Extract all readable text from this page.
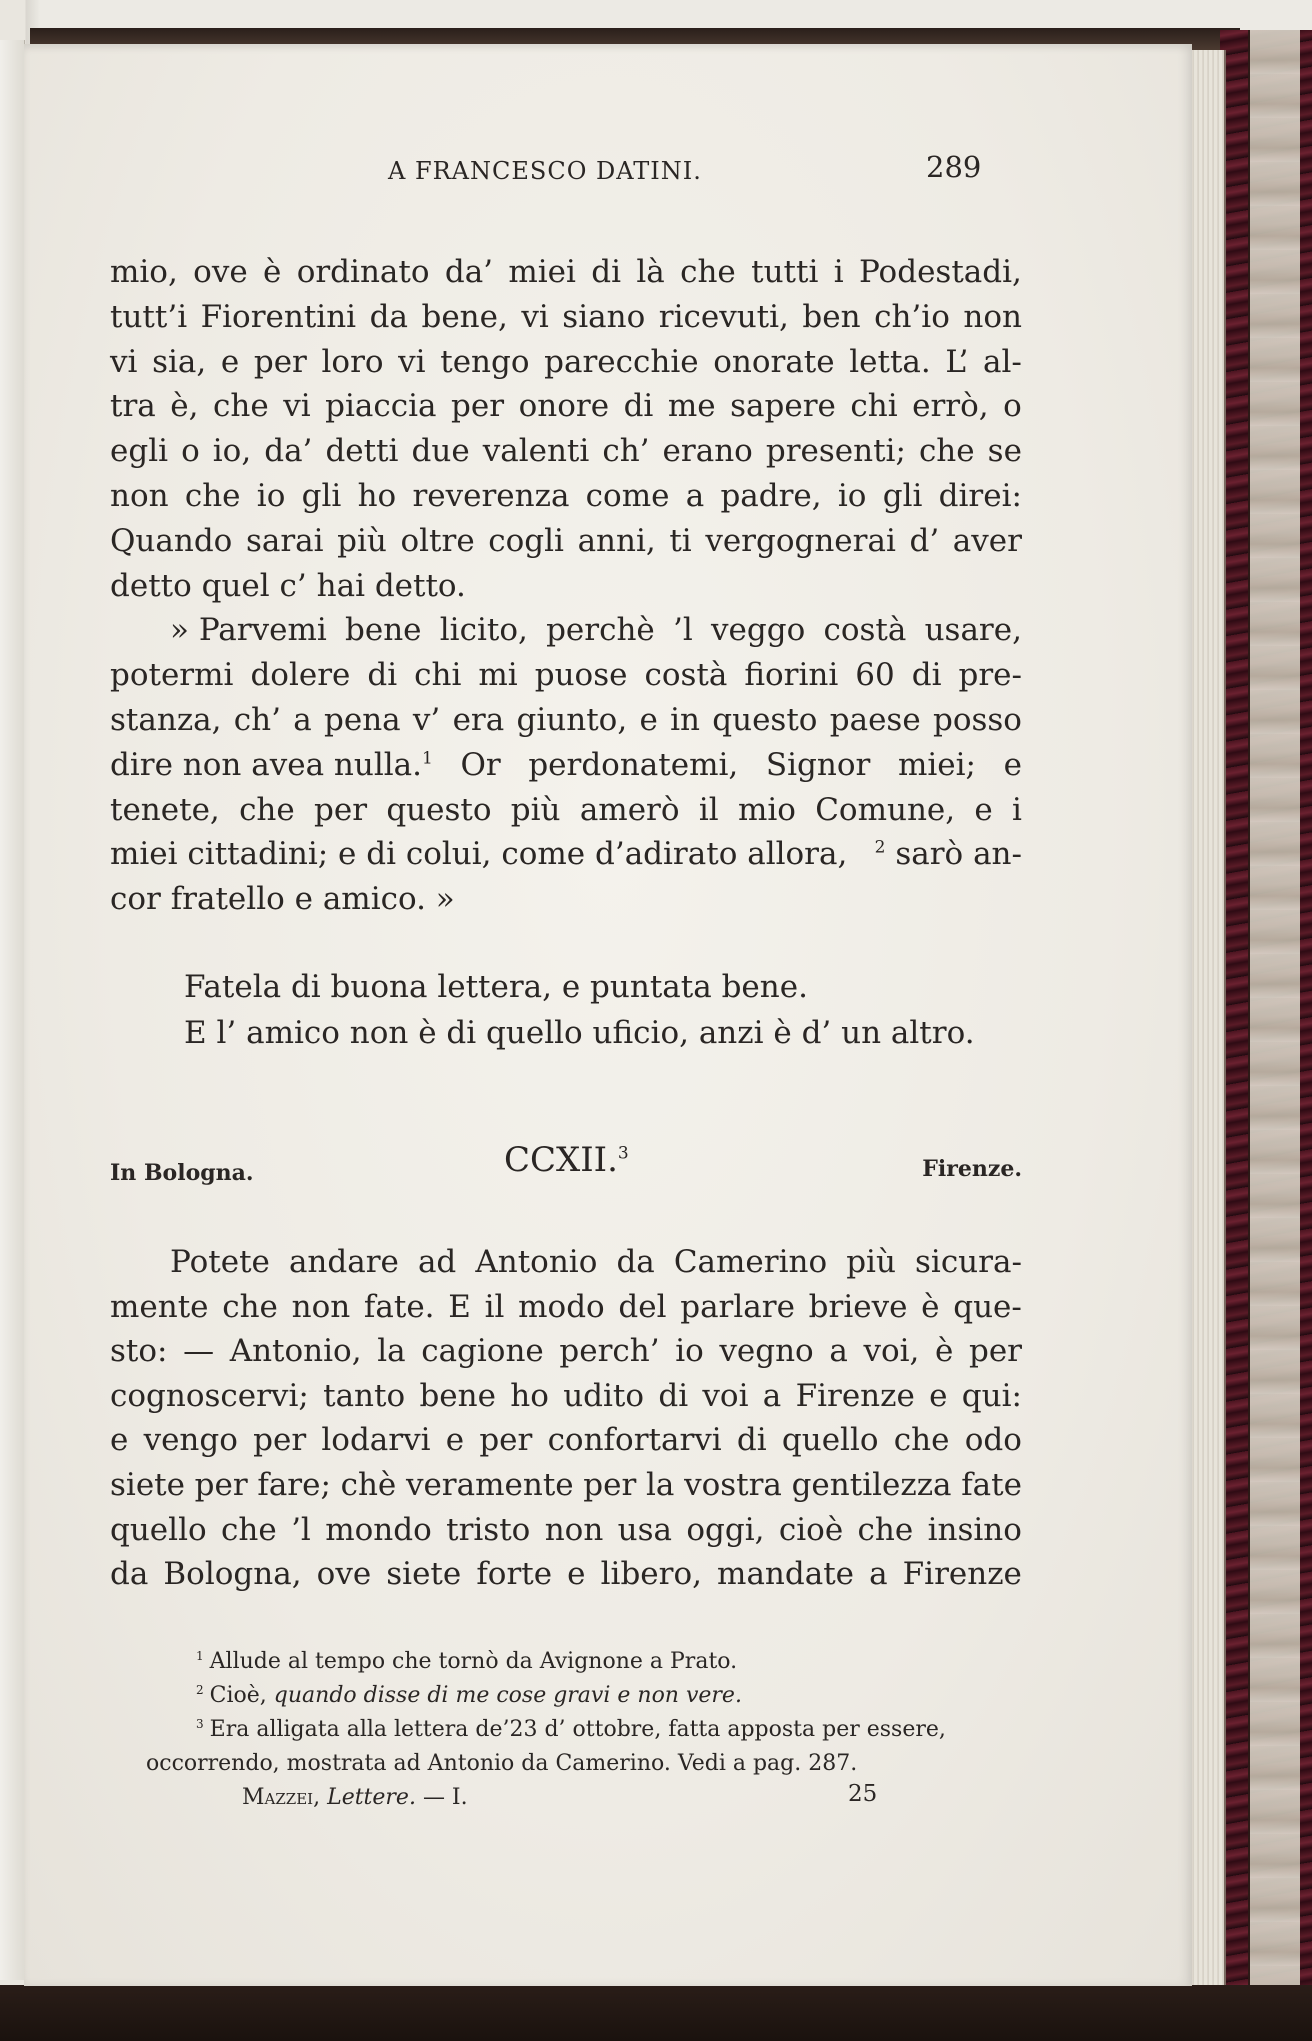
A FRANCESCO DATINI.	289
mio, ove è ordinato da’ miei di là che tutti i Podestadi,
tutt’i Fiorentini da bene, vi siano ricevuti, ben ch’io non
vi sia, e per loro vi tengo parecchie onorate letta. L’ al-
tra è, che vi piaccia per onore di me sapere chi errò, o
egli o io, da’ detti due valenti ch’ erano presenti; che se
non che io gli ho reverenza come a padre, io gli direi:
Quando sarai più oltre cogli anni, ti vergognerai d’ aver
detto quel c’ hai detto.
» Parvemi bene licito, perchè ’l veggo costà usare,
potermi dolere di chi mi puose costà fiorini 60 di pre-
stanza, ch’ a pena v’ era giunto, e in questo paese posso
dire non avea nulla.$^1$ Or perdonatemi, Signor miei; e
tenete, che per questo più amerò il mio Comune, e i
miei cittadini; e di colui, come d’adirato allora, $^2$ sarò an-
cor fratello e amico. »
Fatela di buona lettera, e puntata bene.
E l’ amico non è di quello uficio, anzi è d’ un altro.
In Bologna.	CCXII.$^3$
Firenze.
Potete andare ad Antonio da Camerino più sicura-
mente che non fate. E il modo del parlare brieve è que-
sto: — Antonio, la cagione perch’ io vegno a voi, è per
cognoscervi; tanto bene ho udito di voi a Firenze e qui:
e vengo per lodarvi e per confortarvi di quello che odo
siete per fare; chè veramente per la vostra gentilezza fate
quello che ’l mondo tristo non usa oggi, cioè che insino
da Bologna, ove siete forte e libero, mandate a Firenze
$^1$ Allude al tempo che tornò da Avignone a Prato.
$^2$ Cioè, quando disse di me cose gravi e non vere.
$^3$ Era alligata alla lettera de’23 d’ ottobre, fatta apposta per essere,
occorrendo, mostrata ad Antonio da Camerino. Vedi a pag. 287.
Mazzei, Lettere. — I.	25
